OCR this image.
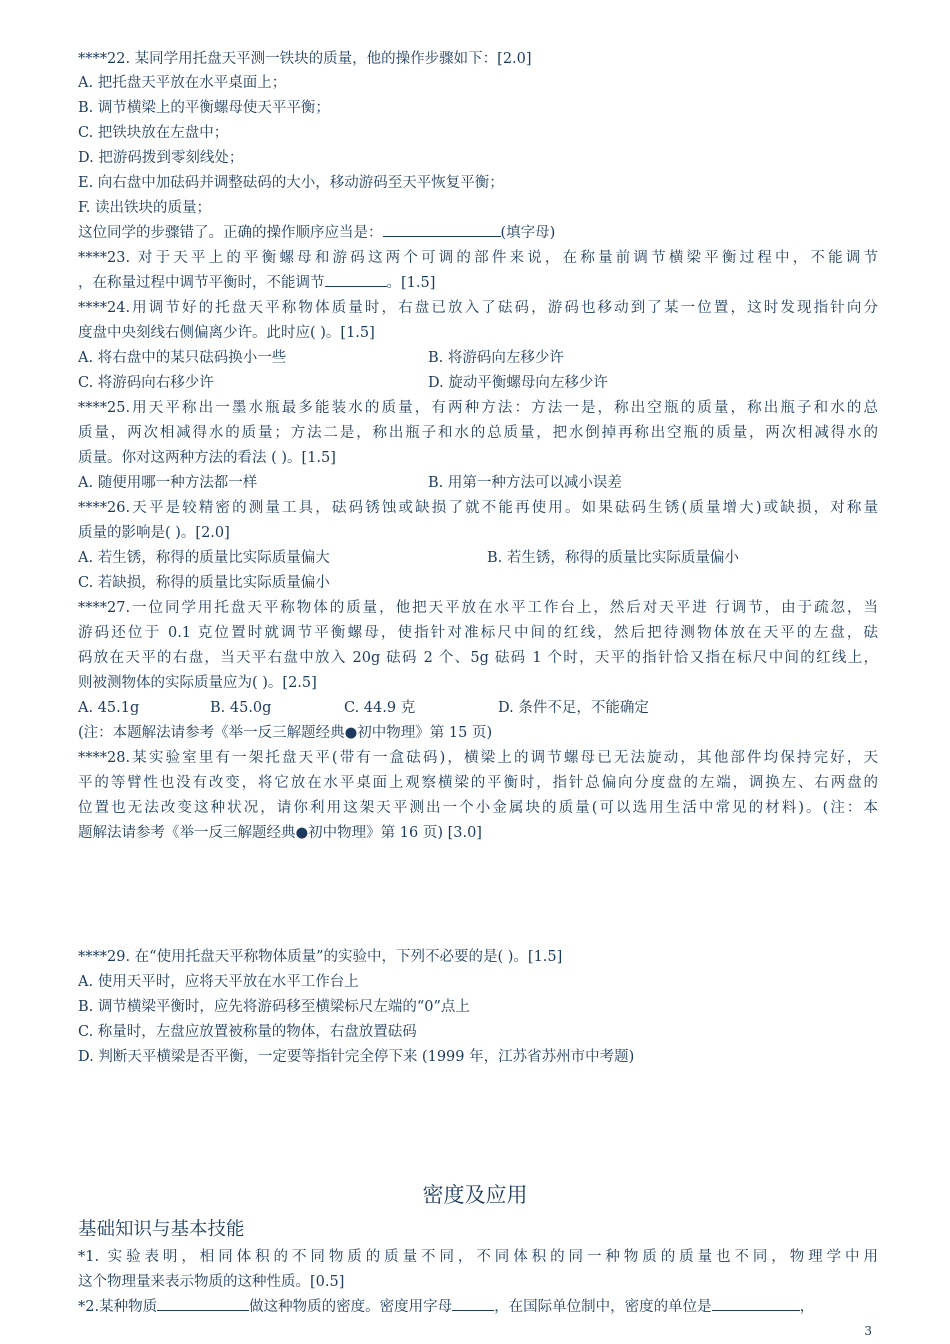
****22. 某同学用托盘天平测一铁块的质量，他的操作步骤如下：[2.0]
A. 把托盘天平放在水平桌面上；
B. 调节横梁上的平衡螺母使天平平衡；
C. 把铁块放在左盘中；
D. 把游码拨到零刻线处；
E. 向右盘中加砝码并调整砝码的大小，移动游码至天平恢复平衡；
F. 读出铁块的质量；
这位同学的步骤错了。正确的操作顺序应当是：	(填字母)
****23. 对于天平上的平衡螺母和游码这两个可调的部件来说，在称量前调节横梁平衡过程中，不能调节
，在称量过程中调节平衡时，不能调节	。[1.5]
****24.用调节好的托盘天平称物体质量时，右盘已放入了砝码，游码也移动到了某一位置，这时发现指针向分
度盘中央刻线右侧偏离少许。此时应( )。[1.5]
A. 将右盘中的某只砝码换小一些	B. 将游码向左移少许
C. 将游码向右移少许	D. 旋动平衡螺母向左移少许
****25.用天平称出一墨水瓶最多能装水的质量，有两种方法：方法一是，称出空瓶的质量，称出瓶子和水的总
质量，两次相减得水的质量；方法二是，称出瓶子和水的总质量，把水倒掉再称出空瓶的质量，两次相减得水的
质量。你对这两种方法的看法 ( )。[1.5]
A. 随便用哪一种方法都一样	B. 用第一种方法可以减小误差
****26.天平是较精密的测量工具，砝码锈蚀或缺损了就不能再使用。如果砝码生锈(质量增大)或缺损，对称量
质量的影响是( )。[2.0]
A. 若生锈，称得的质量比实际质量偏大	B. 若生锈，称得的质量比实际质量偏小
C. 若缺损，称得的质量比实际质量偏小
****27.一位同学用托盘天平称物体的质量，他把天平放在水平工作台上，然后对天平进 行调节，由于疏忽，当
游码还位于 0.1 克位置时就调节平衡螺母，使指针对准标尺中间的红线，然后把待测物体放在天平的左盘，砝
码放在天平的右盘，当天平右盘中放入 20g 砝码 2 个、5g 砝码 1 个时，天平的指针恰又指在标尺中间的红线上，
则被测物体的实际质量应为( )。[2.5]
A. 45.1g	B. 45.0g	C. 44.9 克	D. 条件不足，不能确定
(注：本题解法请参考《举一反三解题经典●初中物理》第 15 页)
****28.某实验室里有一架托盘天平(带有一盒砝码)，横梁上的调节螺母已无法旋动，其他部件均保持完好，天
平的等臂性也没有改变，将它放在水平桌面上观察横梁的平衡时，指针总偏向分度盘的左端，调换左、右两盘的
位置也无法改变这种状况，请你利用这架天平测出一个小金属块的质量(可以选用生活中常见的材料)。(注：本
题解法请参考《举一反三解题经典●初中物理》第 16 页) [3.0]
****29. 在“使用托盘天平称物体质量”的实验中，下列不必要的是( )。[1.5]
A. 使用天平时，应将天平放在水平工作台上
B. 调节横梁平衡时，应先将游码移至横梁标尺左端的“0”点上
C. 称量时，左盘应放置被称量的物体，右盘放置砝码
D. 判断天平横梁是否平衡，一定要等指针完全停下来 (1999 年，江苏省苏州市中考题)
密度及应用
基础知识与基本技能
*1. 实验表明，相同体积的不同物质的质量不同，不同体积的同一种物质的质量也不同，物理学中用
这个物理量来表示物质的这种性质。[0.5]
*2.某种物质	做这种物质的密度。密度用字母	，在国际单位制中，密度的单位是	，
3
